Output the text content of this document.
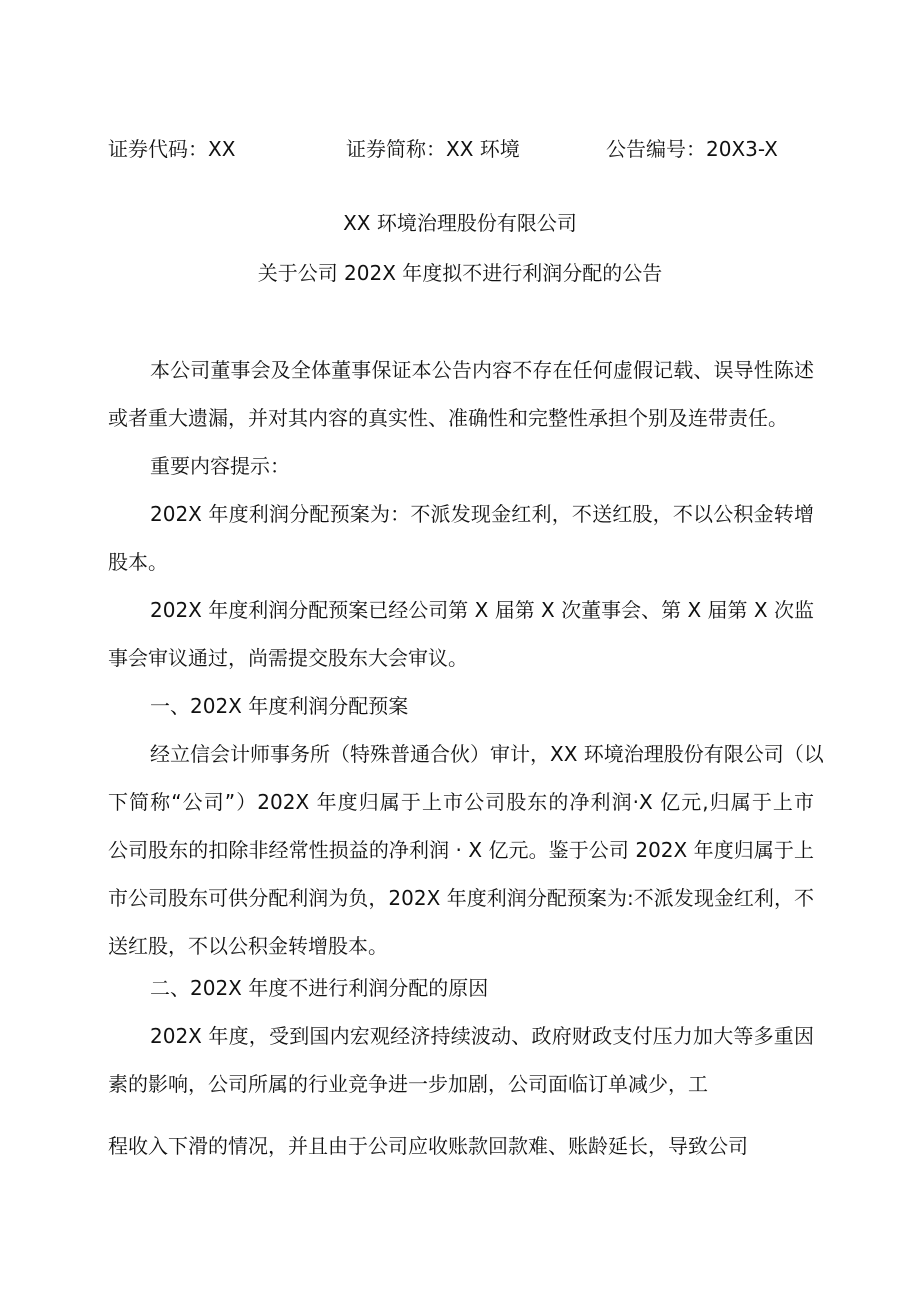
证券代码：XX	证券简称：XX 环境	公告编号：20X3-X
XX 环境治理股份有限公司
关于公司 202X 年度拟不进行利润分配的公告
本公司董事会及全体董事保证本公告内容不存在任何虚假记载、误导性陈述
或者重大遗漏，并对其内容的真实性、准确性和完整性承担个别及连带责任。
重要内容提示：
202X 年度利润分配预案为：不派发现金红利，不送红股，不以公积金转增
股本。
202X 年度利润分配预案已经公司第 X 届第 X 次董事会、第 X 届第 X 次监
事会审议通过，尚需提交股东大会审议。
一、202X 年度利润分配预案
经立信会计师事务所（特殊普通合伙）审计，XX 环境治理股份有限公司（以
下简称“公司”）202X 年度归属于上市公司股东的净利润·X 亿元,归属于上市
公司股东的扣除非经常性损益的净利润 · X 亿元。鉴于公司 202X 年度归属于上
市公司股东可供分配利润为负，202X 年度利润分配预案为:不派发现金红利，不
送红股，不以公积金转增股本。
二、202X 年度不进行利润分配的原因
202X 年度，受到国内宏观经济持续波动、政府财政支付压力加大等多重因
素的影响，公司所属的行业竞争进一步加剧，公司面临订单减少，工
程收入下滑的情况，并且由于公司应收账款回款难、账龄延长，导致公司
